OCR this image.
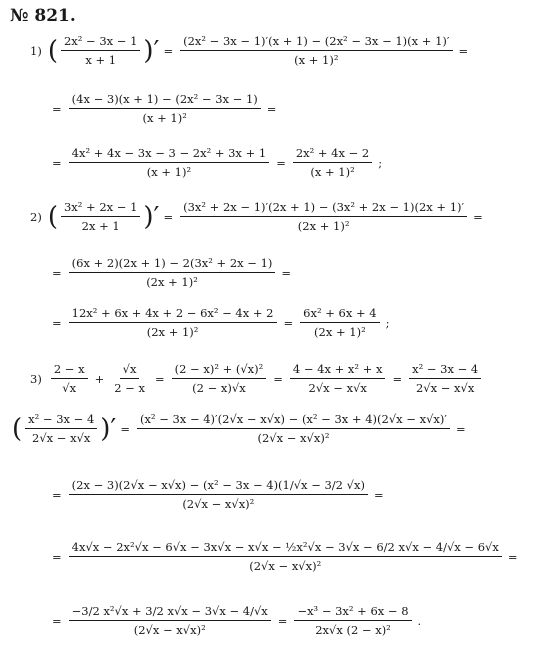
№ 821.
1) ( $\frac{\text{2x² − 3x − 1}}{x + 1}$ )′ = $\frac{\text{(2x² − 3x − 1)′(x + 1) − (2x² − 3x − 1)(x + 1)′}}{\text{(x + 1)²}}$ =
= $\frac{\text{(4x − 3)(x + 1) − (2x² − 3x − 1)}}{\text{(x + 1)²}}$ =
= $\frac{\text{4x² + 4x − 3x − 3 − 2x² + 3x + 1}}{\text{(x + 1)²}} = \frac{\text{2x² + 4x − 2}}{\text{(x + 1)²}}$ ;
2) ( $\frac{\text{3x² + 2x − 1}}{2x + 1}$ )′ = $\frac{\text{(3x² + 2x − 1)′(2x + 1) − (3x² + 2x − 1)(2x + 1)′}}{\text{(2x + 1)²}}$ =
= $\frac{\text{(6x + 2)(2x + 1) − 2(3x² + 2x − 1)}}{\text{(2x + 1)²}}$ =
= $\frac{\text{12x² + 6x + 4x + 2 − 6x² − 4x + 2}}{\text{(2x + 1)²}} = \frac{\text{6x² + 6x + 4}}{\text{(2x + 1)²}}$ ;
$3) \frac{2 - x}{√x} + \frac{√x}{2 - x} = \frac{\text{(2 − x)² + (√x)²}}{(2 - x)√x} = \frac{\text{4 − 4x + x² + x}}{2√x - x√x} = \frac{\text{x² − 3x − 4}}{2√x - x√x}$
( $\frac{\text{x² − 3x − 4}}{2√x - x√x}$ )′ = $\frac{\text{(x² − 3x − 4)′(2√x − x√x) − (x² − 3x + 4)(2√x − x√x)′}}{\text{(2√x − x√x)²}}$ =
= $\frac{\text{(2x − 3)(2√x − x√x) − (x² − 3x − 4)(1/√x − 3/2 √x)}}{\text{(2√x − x√x)²}}$ =
=
4x√x − 2x²√x − 6√x − 3x√x − x√x − ½x²√x − 3√x − 6/2 x√x − 4/√x − 6√x
(2√x − x√x)²
=
= $\frac{\text{−3/2 x²√x + 3/2 x√x − 3√x − 4/√x}}{\text{(2√x − x√x)²}} = \frac{\text{−x³ − 3x² + 6x − 8}}{\text{2x√x (2 − x)²}}$ .
